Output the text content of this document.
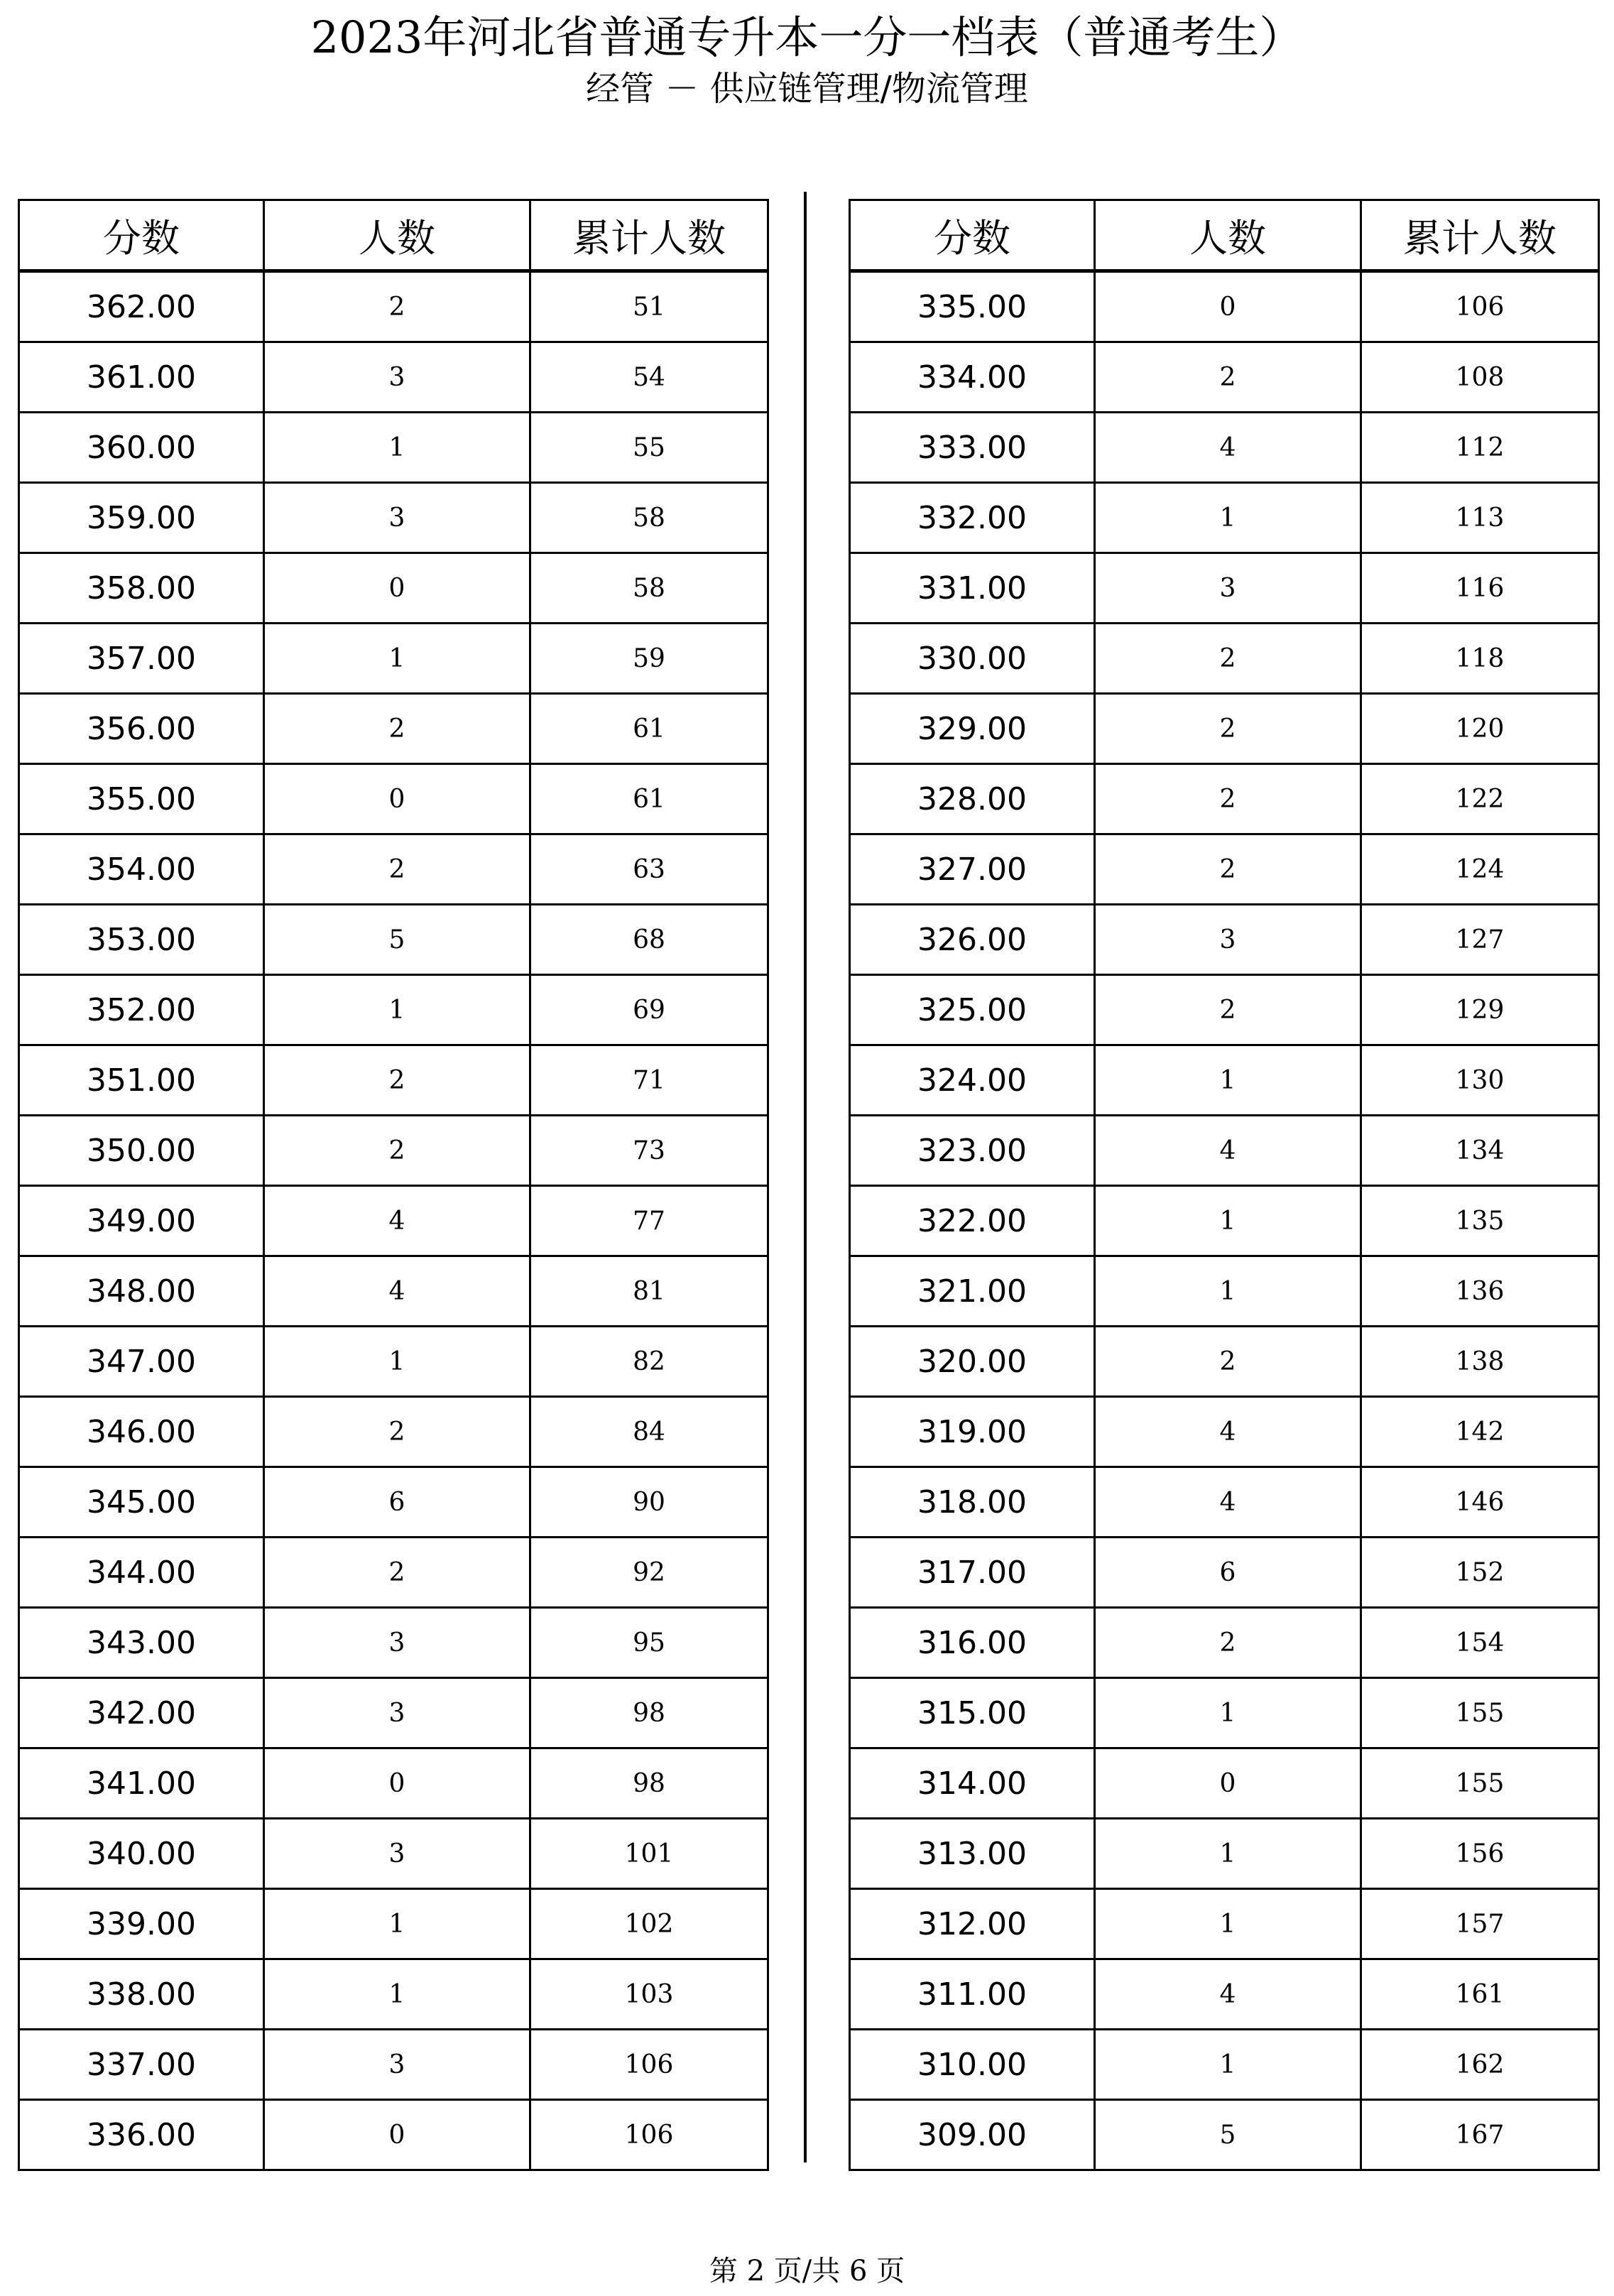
2023年河北省普通专升本一分一档表（普通考生）
经管 － 供应链管理/物流管理
分数	人数	累计人数
362.00	2	51
361.00	3	54
360.00	1	55
359.00	3	58
358.00	0	58
357.00	1	59
356.00	2	61
355.00	0	61
354.00	2	63
353.00	5	68
352.00	1	69
351.00	2	71
350.00	2	73
349.00	4	77
348.00	4	81
347.00	1	82
346.00	2	84
345.00	6	90
344.00	2	92
343.00	3	95
342.00	3	98
341.00	0	98
340.00	3	101
339.00	1	102
338.00	1	103
337.00	3	106
336.00	0	106
分数	人数	累计人数
335.00	0	106
334.00	2	108
333.00	4	112
332.00	1	113
331.00	3	116
330.00	2	118
329.00	2	120
328.00	2	122
327.00	2	124
326.00	3	127
325.00	2	129
324.00	1	130
323.00	4	134
322.00	1	135
321.00	1	136
320.00	2	138
319.00	4	142
318.00	4	146
317.00	6	152
316.00	2	154
315.00	1	155
314.00	0	155
313.00	1	156
312.00	1	157
311.00	4	161
310.00	1	162
309.00	5	167
第 2 页/共 6 页
